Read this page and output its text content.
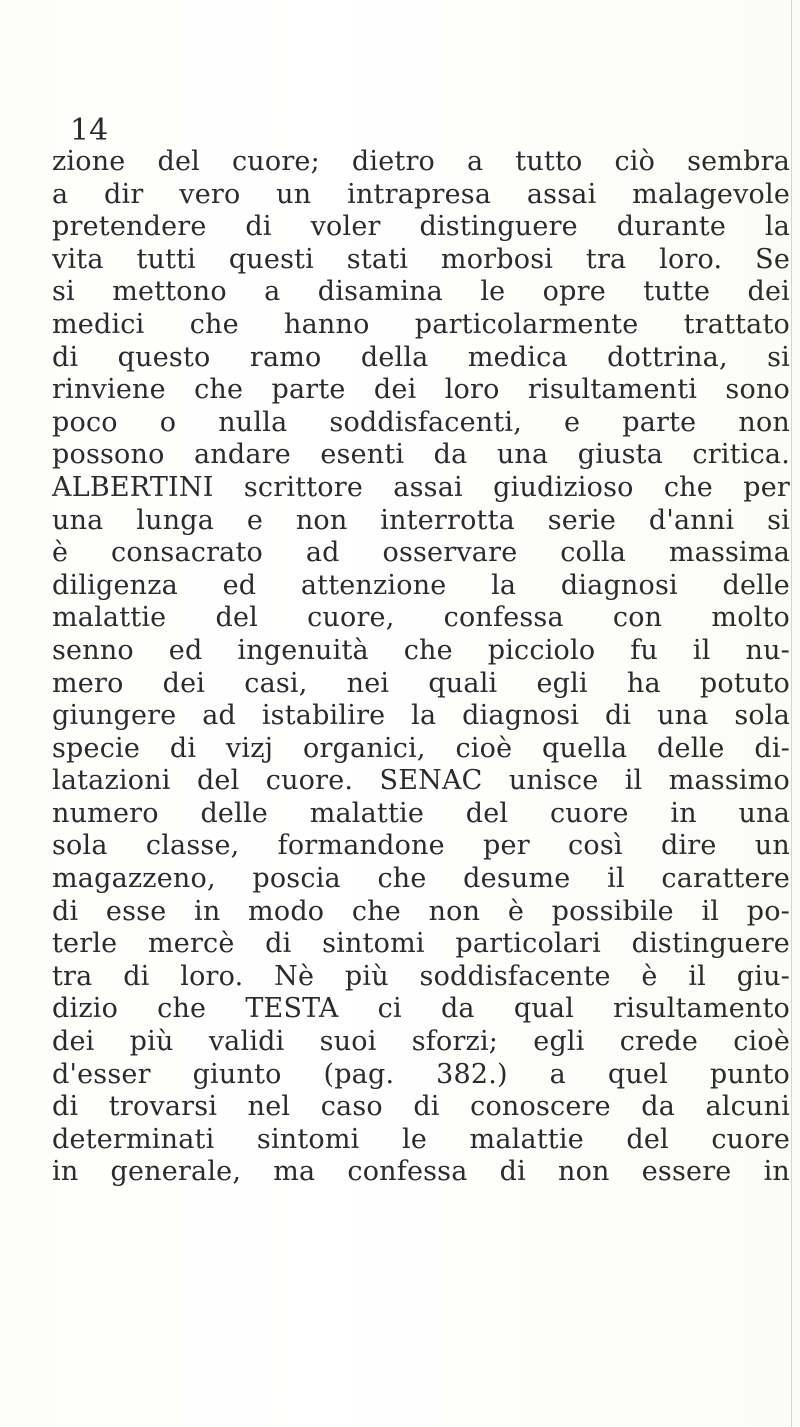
14
zione del cuore; dietro a tutto ciò sembra
a dir vero un intrapresa assai malagevole
pretendere di voler distinguere durante la
vita tutti questi stati morbosi tra loro. Se
si mettono a disamina le opre tutte dei
medici che hanno particolarmente trattato
di questo ramo della medica dottrina, si
rinviene che parte dei loro risultamenti sono
poco o nulla soddisfacenti, e parte non
possono andare esenti da una giusta critica.
ALBERTINI scrittore assai giudizioso che per
una lunga e non interrotta serie d'anni si
è consacrato ad osservare colla massima
diligenza ed attenzione la diagnosi delle
malattie del cuore, confessa con molto
senno ed ingenuità che picciolo fu il nu-
mero dei casi, nei quali egli ha potuto
giungere ad istabilire la diagnosi di una sola
specie di vizj organici, cioè quella delle di-
latazioni del cuore. SENAC unisce il massimo
numero delle malattie del cuore in una
sola classe, formandone per così dire un
magazzeno, poscia che desume il carattere
di esse in modo che non è possibile il po-
terle mercè di sintomi particolari distinguere
tra di loro. Nè più soddisfacente è il giu-
dizio che TESTA ci da qual risultamento
dei più validi suoi sforzi; egli crede cioè
d'esser giunto (pag. 382.) a quel punto
di trovarsi nel caso di conoscere da alcuni
determinati sintomi le malattie del cuore
in generale, ma confessa di non essere in
